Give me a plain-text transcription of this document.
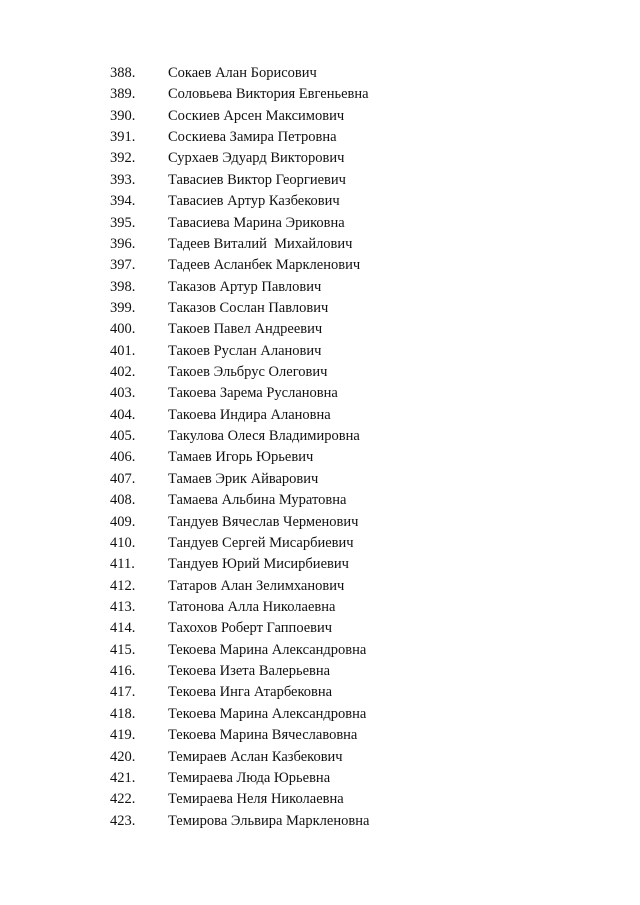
388.	Сокаев Алан Борисович
389.	Соловьева Виктория Евгеньевна
390.	Соскиев Арсен Максимович
391.	Соскиева Замира Петровна
392.	Сурхаев Эдуард Викторович
393.	Тавасиев Виктор Георгиевич
394.	Тавасиев Артур Казбекович
395.	Тавасиева Марина Эриковна
396.	Тадеев Виталий  Михайлович
397.	Тадеев Асланбек Маркленович
398.	Таказов Артур Павлович
399.	Таказов Сослан Павлович
400.	Такоев Павел Андреевич
401.	Такоев Руслан Аланович
402.	Такоев Эльбрус Олегович
403.	Такоева Зарема Руслановна
404.	Такоева Индира Алановна
405.	Такулова Олеся Владимировна
406.	Тамаев Игорь Юрьевич
407.	Тамаев Эрик Айварович
408.	Тамаева Альбина Муратовна
409.	Тандуев Вячеслав Черменович
410.	Тандуев Сергей Мисарбиевич
411.	Тандуев Юрий Мисирбиевич
412.	Татаров Алан Зелимханович
413.	Татонова Алла Николаевна
414.	Тахохов Роберт Гаппоевич
415.	Текоева Марина Александровна
416.	Текоева Изета Валерьевна
417.	Текоева Инга Атарбековна
418.	Текоева Марина Александровна
419.	Текоева Марина Вячеславовна
420.	Темираев Аслан Казбекович
421.	Темираева Люда Юрьевна
422.	Темираева Неля Николаевна
423.	Темирова Эльвира Маркленовна
